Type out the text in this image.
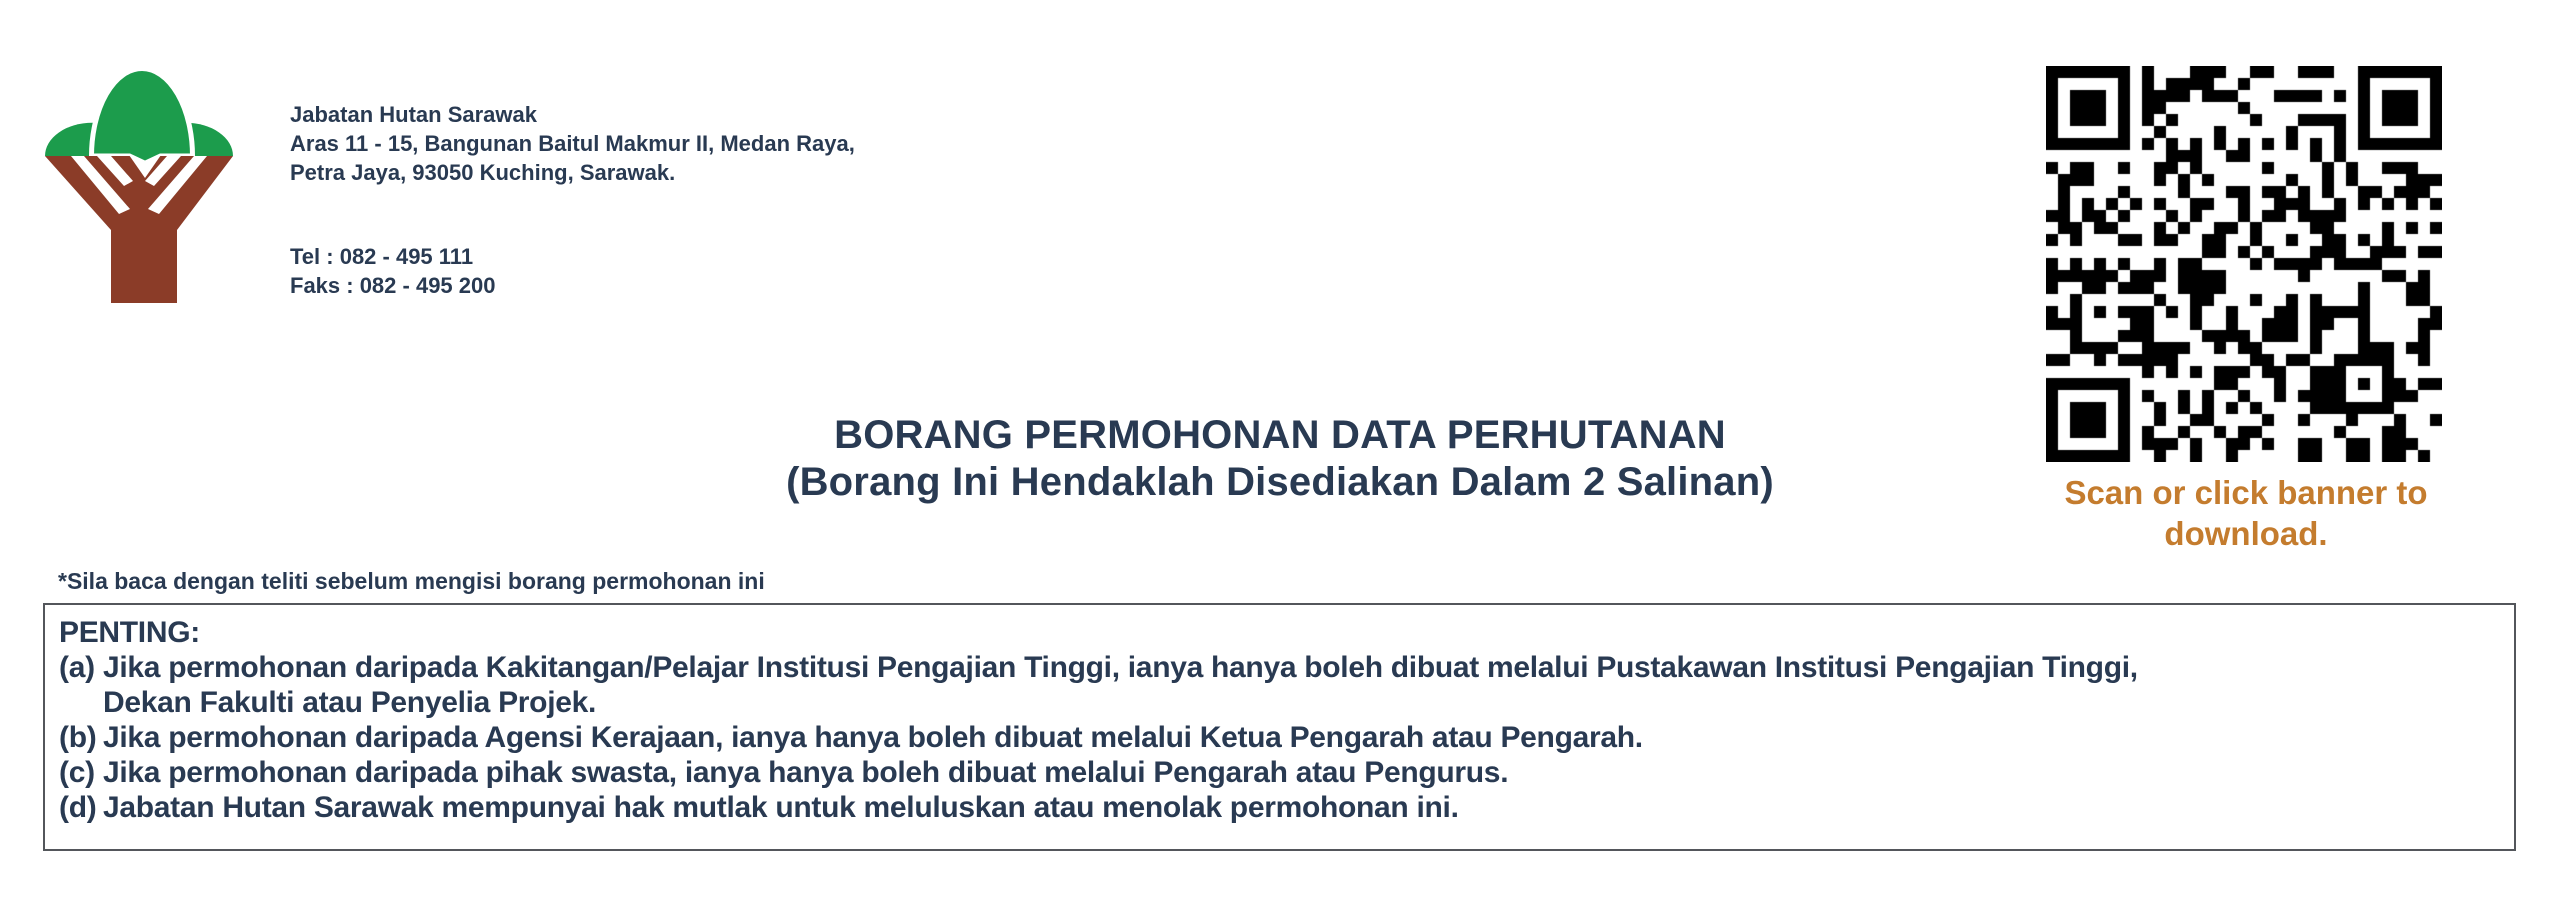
Jabatan Hutan Sarawak
Aras 11 - 15, Bangunan Baitul Makmur II, Medan Raya,
Petra Jaya, 93050 Kuching, Sarawak.
Tel : 082 - 495 111
Faks : 082 - 495 200
BORANG PERMOHONAN DATA PERHUTANAN
(Borang Ini Hendaklah Disediakan Dalam 2 Salinan)
*Sila baca dengan teliti sebelum mengisi borang permohonan ini
PENTING:
(a) Jika permohonan daripada Kakitangan/Pelajar Institusi Pengajian Tinggi, ianya hanya boleh dibuat melalui Pustakawan Institusi Pengajian Tinggi,
Dekan Fakulti atau Penyelia Projek.
(b) Jika permohonan daripada Agensi Kerajaan, ianya hanya boleh dibuat melalui Ketua Pengarah atau Pengarah.
(c) Jika permohonan daripada pihak swasta, ianya hanya boleh dibuat melalui Pengarah atau Pengurus.
(d) Jabatan Hutan Sarawak mempunyai hak mutlak untuk meluluskan atau menolak permohonan ini.
Scan or click banner to
download.
